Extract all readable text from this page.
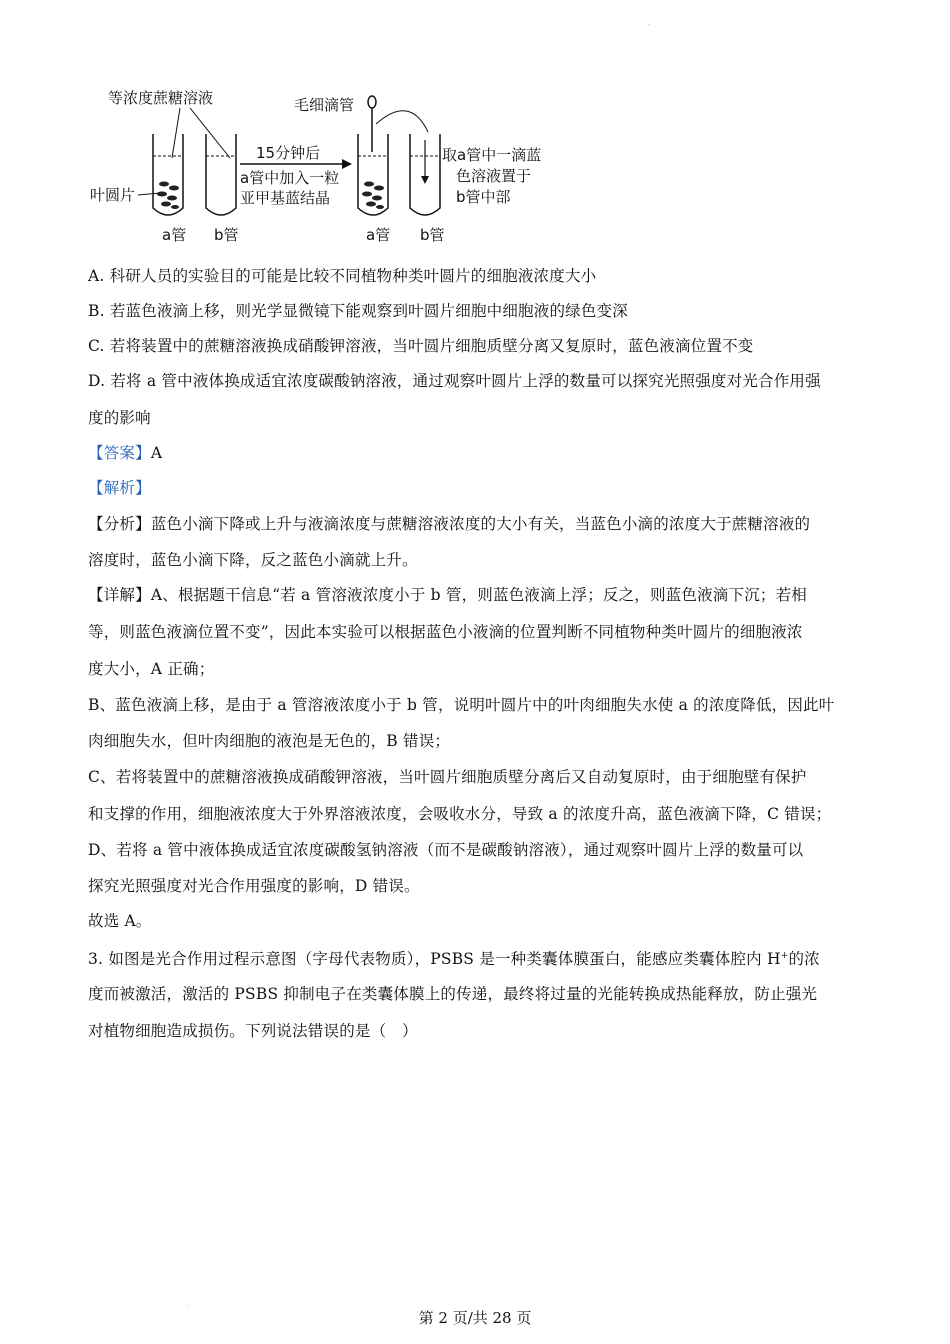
·
等浓度蔗糖溶液
叶圆片
a管 b管
15分钟后
a管中加入一粒
亚甲基蓝结晶
毛细滴管
a管 b管
取a管中一滴蓝
色溶液置于
b管中部
A. 科研人员的实验目的可能是比较不同植物种类叶圆片的细胞液浓度大小
B. 若蓝色液滴上移，则光学显微镜下能观察到叶圆片细胞中细胞液的绿色变深
C. 若将装置中的蔗糖溶液换成硝酸钾溶液，当叶圆片细胞质壁分离又复原时，蓝色液滴位置不变
D. 若将 a 管中液体换成适宜浓度碳酸钠溶液，通过观察叶圆片上浮的数量可以探究光照强度对光合作用强
度的影响
【答案】A
【解析】
【分析】蓝色小滴下降或上升与液滴浓度与蔗糖溶液浓度的大小有关，当蓝色小滴的浓度大于蔗糖溶液的
溶度时，蓝色小滴下降，反之蓝色小滴就上升。
【详解】A、根据题干信息“若 a 管溶液浓度小于 b 管，则蓝色液滴上浮；反之，则蓝色液滴下沉；若相
等，则蓝色液滴位置不变”，因此本实验可以根据蓝色小液滴的位置判断不同植物种类叶圆片的细胞液浓
度大小，A 正确；
B、蓝色液滴上移，是由于 a 管溶液浓度小于 b 管，说明叶圆片中的叶肉细胞失水使 a 的浓度降低，因此叶
肉细胞失水，但叶肉细胞的液泡是无色的，B 错误；
C、若将装置中的蔗糖溶液换成硝酸钾溶液，当叶圆片细胞质壁分离后又自动复原时，由于细胞壁有保护
和支撑的作用，细胞液浓度大于外界溶液浓度，会吸收水分，导致 a 的浓度升高，蓝色液滴下降，C 错误；
D、若将 a 管中液体换成适宜浓度碳酸氢钠溶液（而不是碳酸钠溶液），通过观察叶圆片上浮的数量可以
探究光照强度对光合作用强度的影响，D 错误。
故选 A。
3. 如图是光合作用过程示意图（字母代表物质），PSBS 是一种类囊体膜蛋白，能感应类囊体腔内 H+的浓
度而被激活，激活的 PSBS 抑制电子在类囊体膜上的传递，最终将过量的光能转换成热能释放，防止强光
对植物细胞造成损伤。下列说法错误的是（　）
·
第 2 页/共 28 页
